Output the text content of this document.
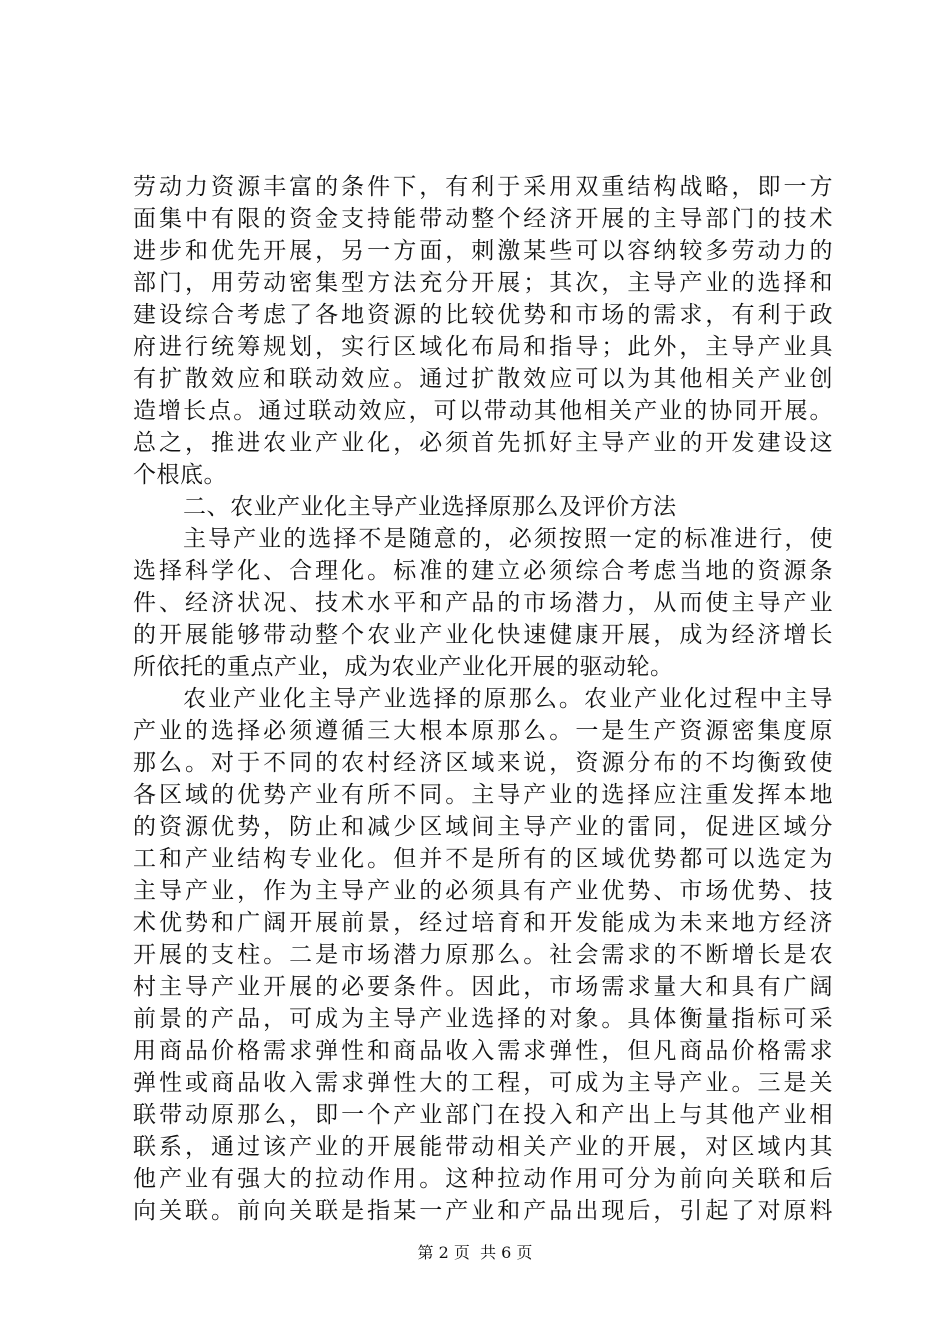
劳动力资源丰富的条件下，有利于采用双重结构战略，即一方
面集中有限的资金支持能带动整个经济开展的主导部门的技术
进步和优先开展，另一方面，刺激某些可以容纳较多劳动力的
部门，用劳动密集型方法充分开展；其次，主导产业的选择和
建设综合考虑了各地资源的比较优势和市场的需求，有利于政
府进行统筹规划，实行区域化布局和指导；此外，主导产业具
有扩散效应和联动效应。通过扩散效应可以为其他相关产业创
造增长点。通过联动效应，可以带动其他相关产业的协同开展。
总之，推进农业产业化，必须首先抓好主导产业的开发建设这
个根底。
二、农业产业化主导产业选择原那么及评价方法
主导产业的选择不是随意的，必须按照一定的标准进行，使
选择科学化、合理化。标准的建立必须综合考虑当地的资源条
件、经济状况、技术水平和产品的市场潜力，从而使主导产业
的开展能够带动整个农业产业化快速健康开展，成为经济增长
所依托的重点产业，成为农业产业化开展的驱动轮。
农业产业化主导产业选择的原那么。农业产业化过程中主导
产业的选择必须遵循三大根本原那么。一是生产资源密集度原
那么。对于不同的农村经济区域来说，资源分布的不均衡致使
各区域的优势产业有所不同。主导产业的选择应注重发挥本地
的资源优势，防止和减少区域间主导产业的雷同，促进区域分
工和产业结构专业化。但并不是所有的区域优势都可以选定为
主导产业，作为主导产业的必须具有产业优势、市场优势、技
术优势和广阔开展前景，经过培育和开发能成为未来地方经济
开展的支柱。二是市场潜力原那么。社会需求的不断增长是农
村主导产业开展的必要条件。因此，市场需求量大和具有广阔
前景的产品，可成为主导产业选择的对象。具体衡量指标可采
用商品价格需求弹性和商品收入需求弹性，但凡商品价格需求
弹性或商品收入需求弹性大的工程，可成为主导产业。三是关
联带动原那么，即一个产业部门在投入和产出上与其他产业相
联系，通过该产业的开展能带动相关产业的开展，对区域内其
他产业有强大的拉动作用。这种拉动作用可分为前向关联和后
向关联。前向关联是指某一产业和产品出现后，引起了对原料
第 2 页  共 6 页
